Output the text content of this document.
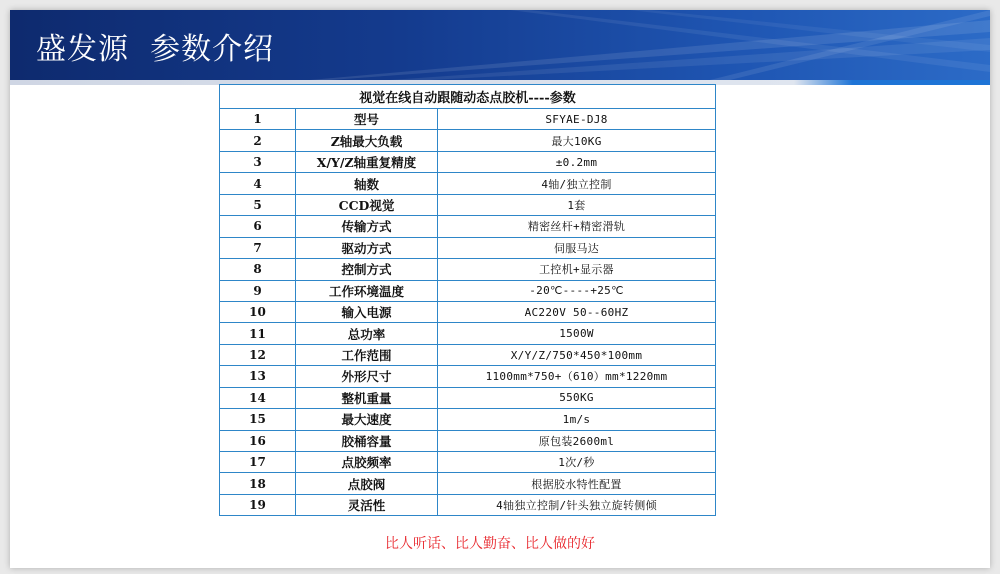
盛发源  参数介绍
视觉在线自动跟随动态点胶机----参数		
1	型号	SFYAE-DJ8
2	Z轴最大负载	最大10KG
3	X/Y/Z轴重复精度	±0.2mm
4	轴数	4轴/独立控制
5	CCD视觉	1套
6	传输方式	精密丝杆+精密滑轨
7	驱动方式	伺服马达
8	控制方式	工控机+显示器
9	工作环境温度	-20℃----+25℃
10	输入电源	AC220V 50--60HZ
11	总功率	1500W
12	工作范围	X/Y/Z/750*450*100mm
13	外形尺寸	1100mm*750+（610）mm*1220mm
14	整机重量	550KG
15	最大速度	1m/s
16	胶桶容量	原包装2600ml
17	点胶频率	1次/秒
18	点胶阀	根据胶水特性配置
19	灵活性	4轴独立控制/针头独立旋转侧倾
比人听话、比人勤奋、比人做的好
